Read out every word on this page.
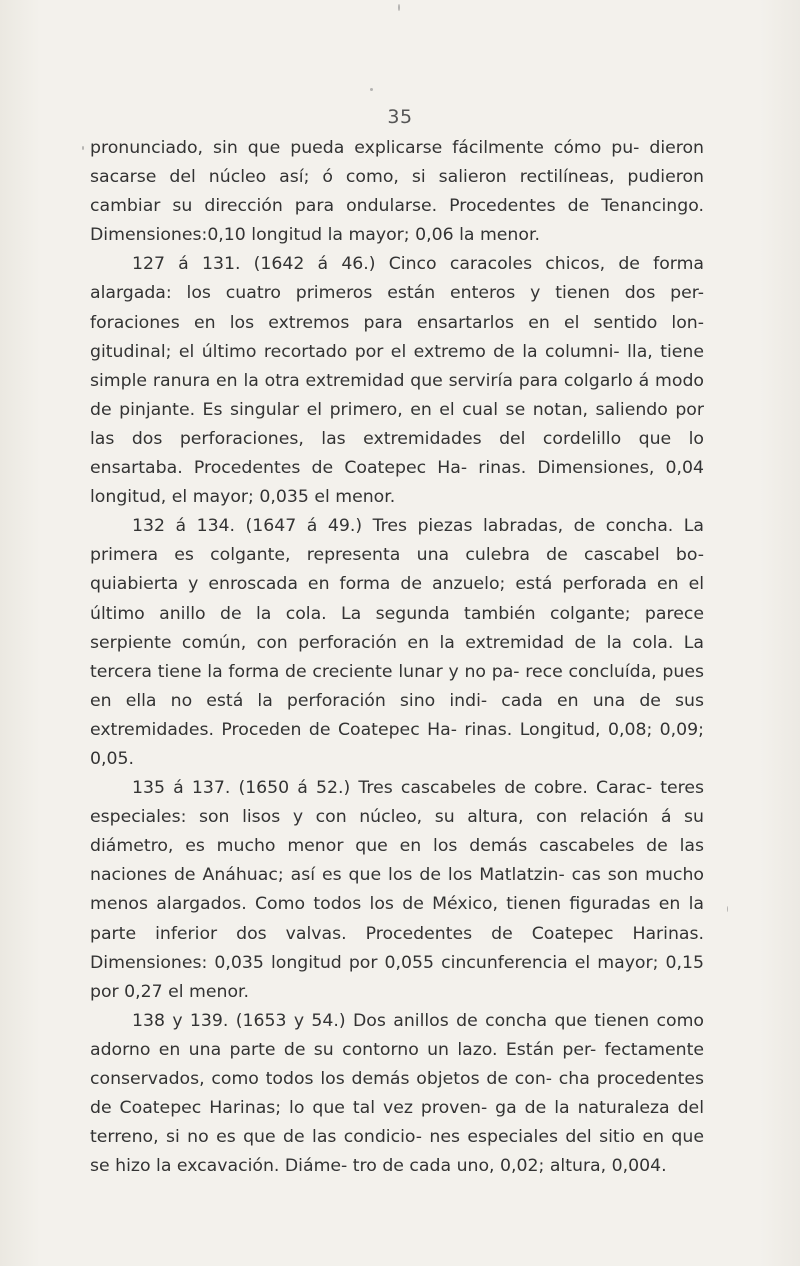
35

pronunciado, sin que pueda explicarse fácilmente cómo pu- dieron sacarse del núcleo así; ó como, si salieron rectilíneas, pudieron cambiar su dirección para ondularse. Procedentes de Tenancingo. Dimensiones:0,10 longitud la mayor; 0,06 la menor.

127 á 131. (1642 á 46.) Cinco caracoles chicos, de forma alargada: los cuatro primeros están enteros y tienen dos per- foraciones en los extremos para ensartarlos en el sentido lon- gitudinal; el último recortado por el extremo de la columni- lla, tiene simple ranura en la otra extremidad que serviría para colgarlo á modo de pinjante. Es singular el primero, en el cual se notan, saliendo por las dos perforaciones, las extremidades del cordelillo que lo ensartaba. Procedentes de Coatepec Ha- rinas. Dimensiones, 0,04 longitud, el mayor; 0,035 el menor.

132 á 134. (1647 á 49.) Tres piezas labradas, de concha. La primera es colgante, representa una culebra de cascabel bo- quiabierta y enroscada en forma de anzuelo; está perforada en el último anillo de la cola. La segunda también colgante; parece serpiente común, con perforación en la extremidad de la cola. La tercera tiene la forma de creciente lunar y no pa- rece concluída, pues en ella no está la perforación sino indi- cada en una de sus extremidades. Proceden de Coatepec Ha- rinas. Longitud, 0,08; 0,09; 0,05.

135 á 137. (1650 á 52.) Tres cascabeles de cobre. Carac- teres especiales: son lisos y con núcleo, su altura, con relación á su diámetro, es mucho menor que en los demás cascabeles de las naciones de Anáhuac; así es que los de los Matlatzin- cas son mucho menos alargados. Como todos los de México, tienen figuradas en la parte inferior dos valvas. Procedentes de Coatepec Harinas. Dimensiones: 0,035 longitud por 0,055 cincunferencia el mayor; 0,15 por 0,27 el menor.

138 y 139. (1653 y 54.) Dos anillos de concha que tienen como adorno en una parte de su contorno un lazo. Están per- fectamente conservados, como todos los demás objetos de con- cha procedentes de Coatepec Harinas; lo que tal vez proven- ga de la naturaleza del terreno, si no es que de las condicio- nes especiales del sitio en que se hizo la excavación. Diáme- tro de cada uno, 0,02; altura, 0,004.
